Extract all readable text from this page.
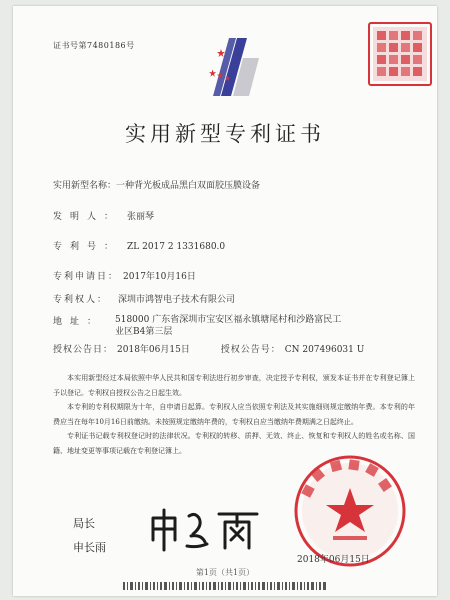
证书号第7480186号
实用新型专利证书
实用新型名称：一种背光板成品黑白双面胶压膜设备
发明人： 张丽琴
专利号： ZL 2017 2 1331680.0
专利申请日： 2017年10月16日
专利权人： 深圳市鸿智电子技术有限公司
地址： 518000 广东省深圳市宝安区福永镇塘尾村和沙路富民工
业区B4第三层
授权公告日： 2018年06月15日	授权公告号： CN 207496031 U

本实用新型经过本局依照中华人民共和国专利法进行初步审查，决定授予专利权，颁发本证书并在专利登记簿上予以登记。专利权自授权公告之日起生效。

本专利的专利权期限为十年，自申请日起算。专利权人应当依照专利法及其实施细则规定缴纳年费。本专利的年费应当在每年10月16日前缴纳。未按照规定缴纳年费的，专利权自应当缴纳年费期满之日起终止。

专利证书记载专利权登记时的法律状况。专利权的转移、质押、无效、终止、恢复和专利权人的姓名或名称、国籍、地址变更等事项记载在专利登记簿上。

局长
申长雨
2018年06月15日
第1页（共1页）
